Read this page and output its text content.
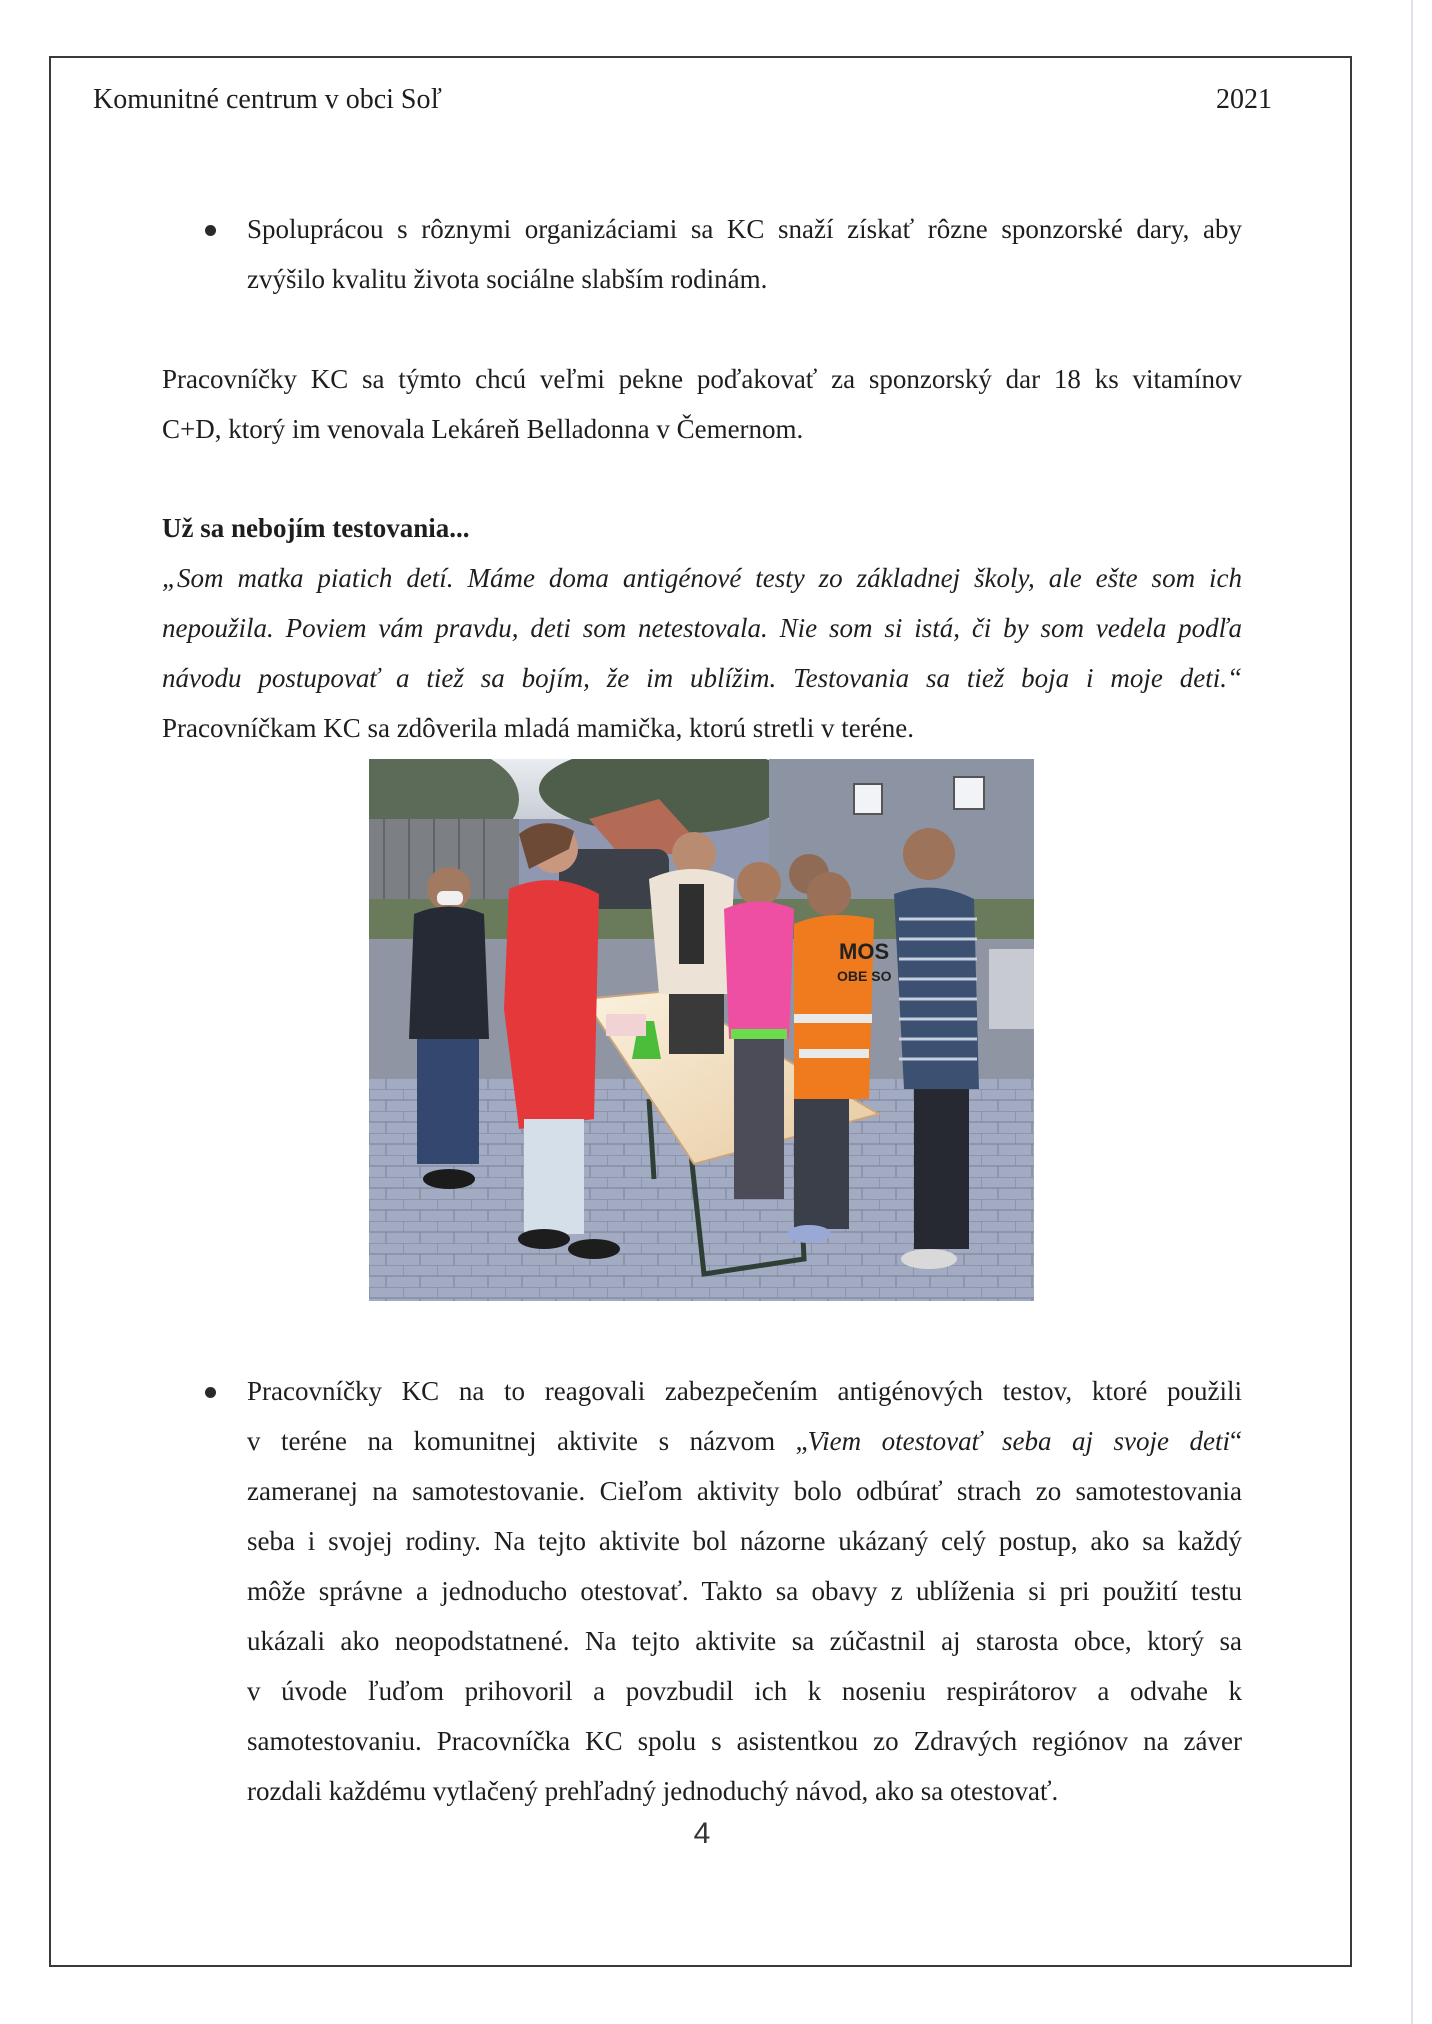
Komunitné centrum v obci Soľ	2021
Spoluprácou s rôznymi organizáciami sa KC snaží získať rôzne sponzorské dary, aby
zvýšilo kvalitu života sociálne slabším rodinám.
Pracovníčky KC sa týmto chcú veľmi pekne poďakovať za sponzorský dar 18 ks vitamínov
C+D, ktorý im venovala Lekáreň Belladonna v Čemernom.
Už sa nebojím testovania...
„Som matka piatich detí. Máme doma antigénové testy zo základnej školy, ale ešte som ich
nepoužila. Poviem vám pravdu, deti som netestovala. Nie som si istá, či by som vedela podľa
návodu postupovať a tiež sa bojím, že im ublížim. Testovania sa tiež boja i moje deti.“
Pracovníčkam KC sa zdôverila mladá mamička, ktorú stretli v teréne.
MOS
OBE SO
Pracovníčky KC na to reagovali zabezpečením antigénových testov, ktoré použili
v teréne na komunitnej aktivite s názvom „Viem otestovať seba aj svoje deti“
zameranej na samotestovanie. Cieľom aktivity bolo odbúrať strach zo samotestovania
seba i svojej rodiny. Na tejto aktivite bol názorne ukázaný celý postup, ako sa každý
môže správne a jednoducho otestovať. Takto sa obavy z ublíženia si pri použití testu
ukázali ako neopodstatnené. Na tejto aktivite sa zúčastnil aj starosta obce, ktorý sa
v úvode ľuďom prihovoril a povzbudil ich k noseniu respirátorov a odvahe k
samotestovaniu. Pracovníčka KC spolu s asistentkou zo Zdravých regiónov na záver
rozdali každému vytlačený prehľadný jednoduchý návod, ako sa otestovať.
4
